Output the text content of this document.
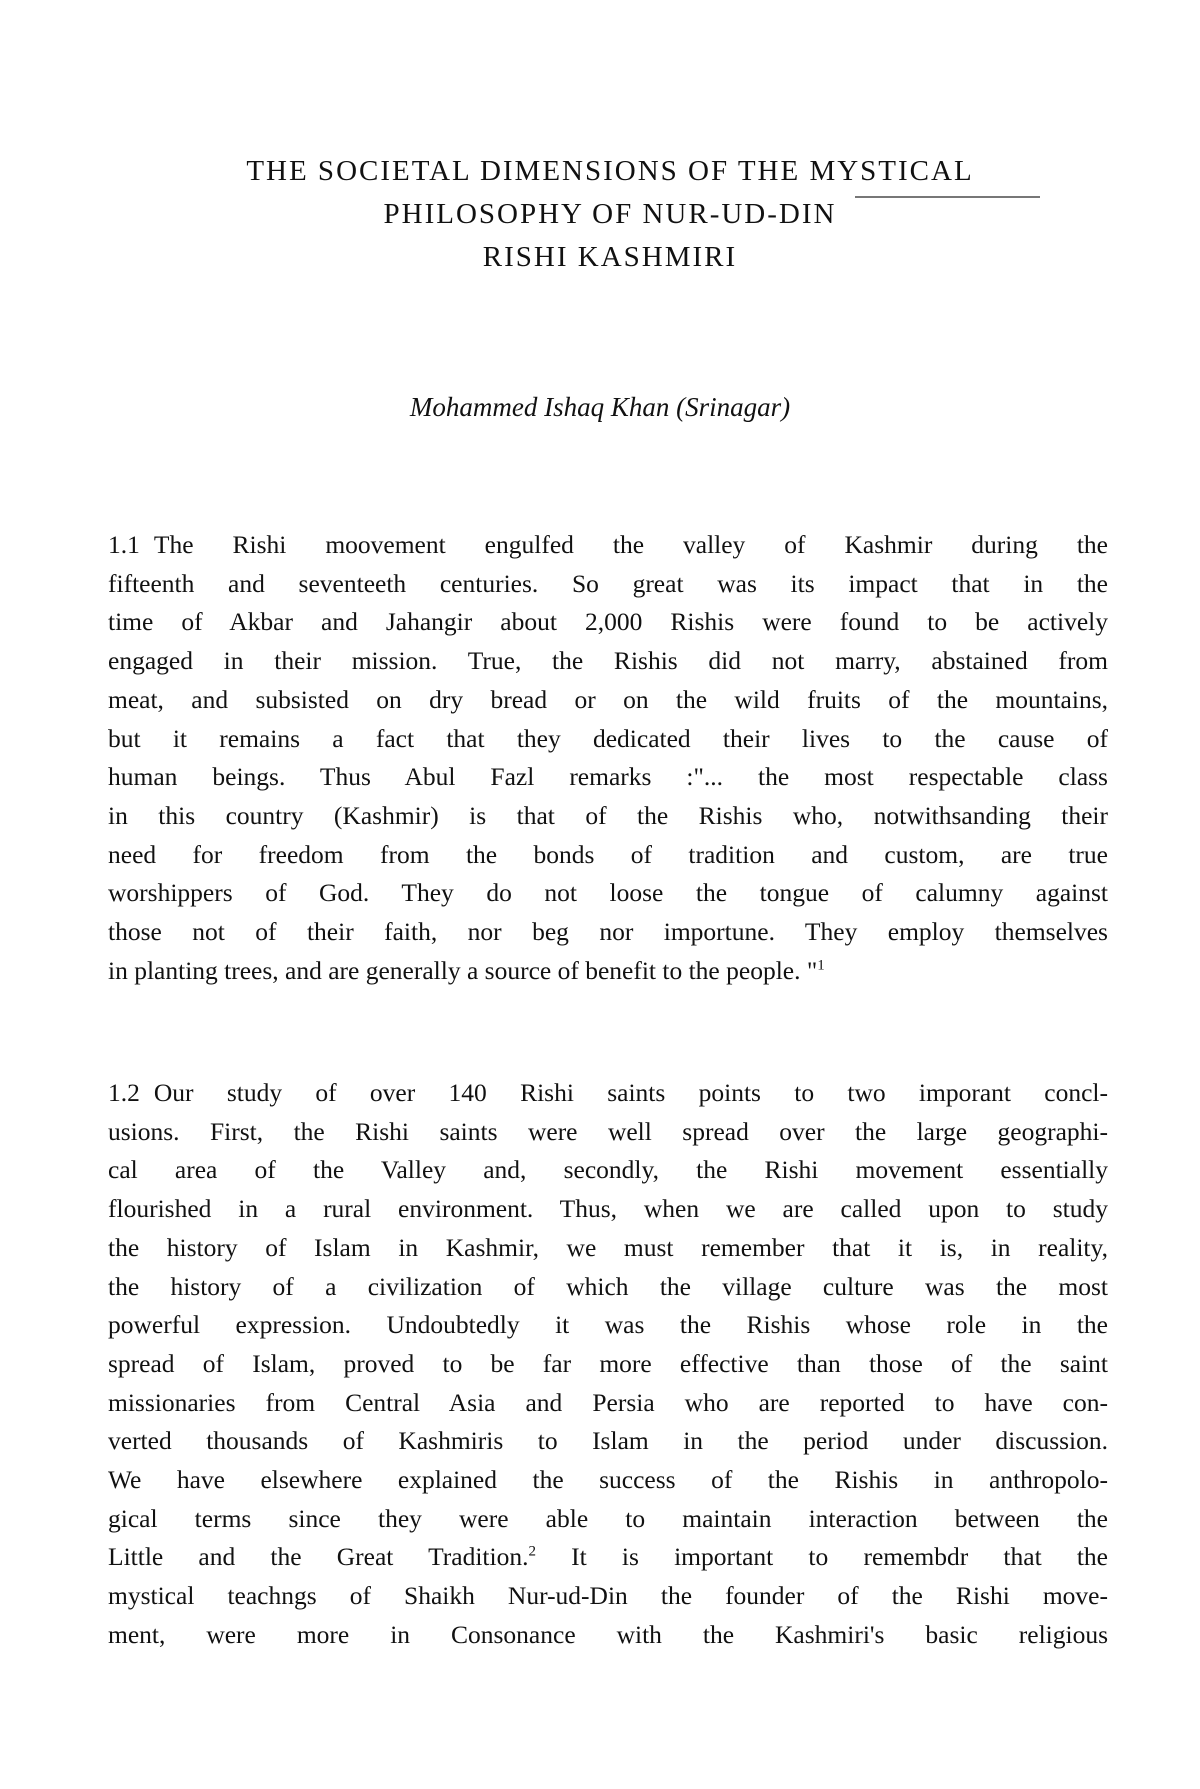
THE SOCIETAL DIMENSIONS OF THE MYSTICAL
PHILOSOPHY OF NUR-UD-DIN
RISHI KASHMIRI
Mohammed Ishaq Khan (Srinagar)
1.1 The Rishi moovement engulfed the valley of Kashmir during the
fifteenth and seventeeth centuries. So great was its impact that in the
time of Akbar and Jahangir about 2,000 Rishis were found to be actively
engaged in their mission. True, the Rishis did not marry, abstained from
meat, and subsisted on dry bread or on the wild fruits of the mountains,
but it remains a fact that they dedicated their lives to the cause of
human beings. Thus Abul Fazl remarks :"... the most respectable class
in this country (Kashmir) is that of the Rishis who, notwithsanding their
need for freedom from the bonds of tradition and custom, are true
worshippers of God. They do not loose the tongue of calumny against
those not of their faith, nor beg nor importune. They employ themselves
in planting trees, and are generally a source of benefit to the people. "$^1$
1.2 Our study of over 140 Rishi saints points to two imporant concl-
usions. First, the Rishi saints were well spread over the large geographi-
cal area of the Valley and, secondly, the Rishi movement essentially
flourished in a rural environment. Thus, when we are called upon to study
the history of Islam in Kashmir, we must remember that it is, in reality,
the history of a civilization of which the village culture was the most
powerful expression. Undoubtedly it was the Rishis whose role in the
spread of Islam, proved to be far more effective than those of the saint
missionaries from Central Asia and Persia who are reported to have con-
verted thousands of Kashmiris to Islam in the period under discussion.
We have elsewhere explained the success of the Rishis in anthropolo-
gical terms since they were able to maintain interaction between the
Little and the Great Tradition.$^2$ It is important to remembdr that the
mystical teachngs of Shaikh Nur-ud-Din the founder of the Rishi move-
ment, were more in Consonance with the Kashmiri's basic religious
